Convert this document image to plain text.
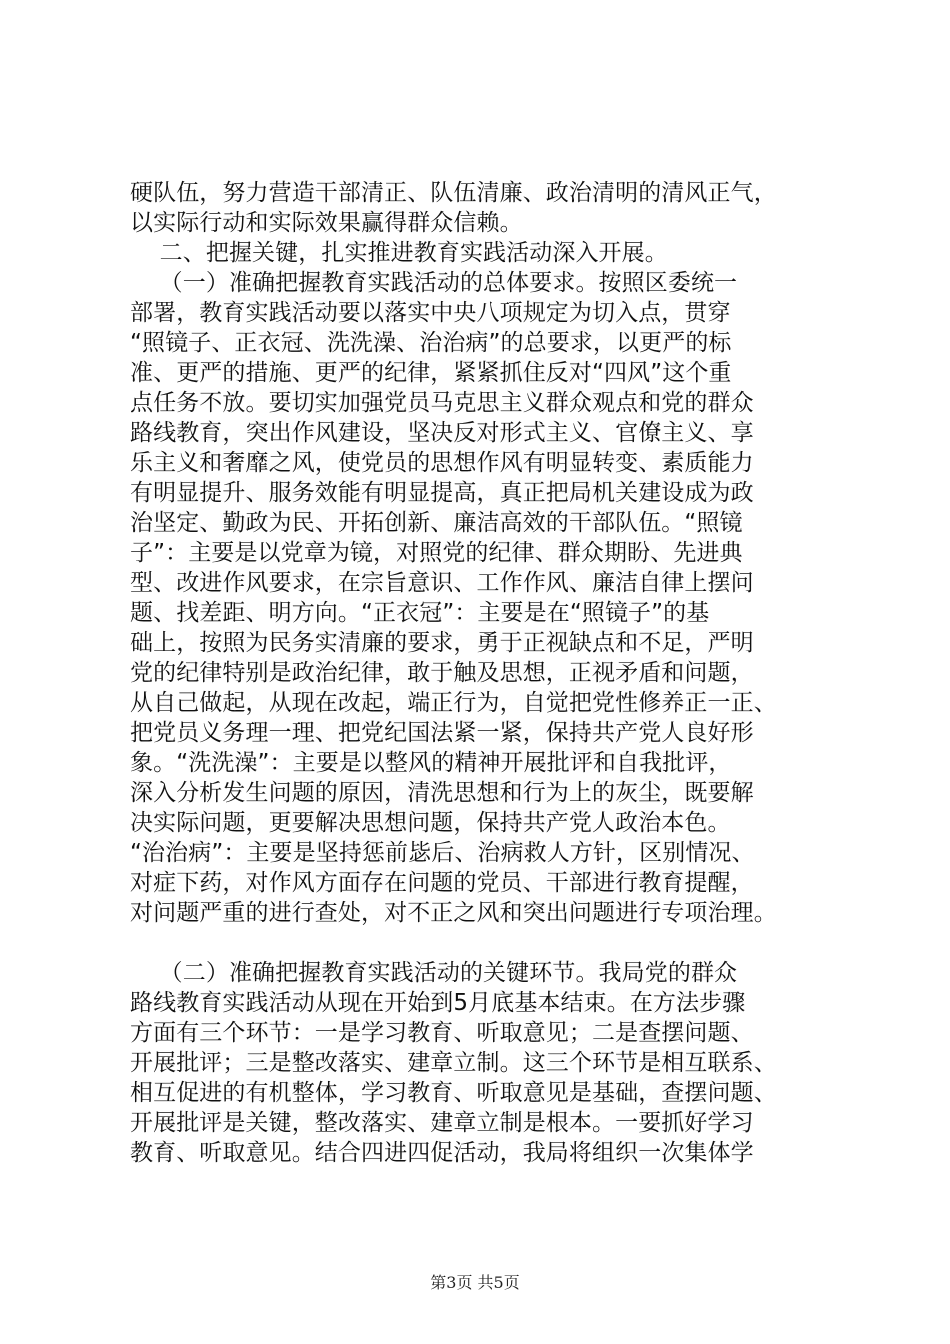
硬队伍，努力营造干部清正、队伍清廉、政治清明的清风正气，
以实际行动和实际效果赢得群众信赖。
二、把握关键，扎实推进教育实践活动深入开展。
（一）准确把握教育实践活动的总体要求。按照区委统一
部署，教育实践活动要以落实中央八项规定为切入点，贯穿
“照镜子、正衣冠、洗洗澡、治治病”的总要求，以更严的标
准、更严的措施、更严的纪律，紧紧抓住反对“四风”这个重
点任务不放。要切实加强党员马克思主义群众观点和党的群众
路线教育，突出作风建设，坚决反对形式主义、官僚主义、享
乐主义和奢靡之风，使党员的思想作风有明显转变、素质能力
有明显提升、服务效能有明显提高，真正把局机关建设成为政
治坚定、勤政为民、开拓创新、廉洁高效的干部队伍。“照镜
子”：主要是以党章为镜，对照党的纪律、群众期盼、先进典
型、改进作风要求，在宗旨意识、工作作风、廉洁自律上摆问
题、找差距、明方向。“正衣冠”：主要是在“照镜子”的基
础上，按照为民务实清廉的要求，勇于正视缺点和不足，严明
党的纪律特别是政治纪律，敢于触及思想，正视矛盾和问题，
从自己做起，从现在改起，端正行为，自觉把党性修养正一正、
把党员义务理一理、把党纪国法紧一紧，保持共产党人良好形
象。“洗洗澡”：主要是以整风的精神开展批评和自我批评，
深入分析发生问题的原因，清洗思想和行为上的灰尘，既要解
决实际问题，更要解决思想问题，保持共产党人政治本色。
“治治病”：主要是坚持惩前毖后、治病救人方针，区别情况、
对症下药，对作风方面存在问题的党员、干部进行教育提醒，
对问题严重的进行查处，对不正之风和突出问题进行专项治理。
（二）准确把握教育实践活动的关键环节。我局党的群众
路线教育实践活动从现在开始到5月底基本结束。在方法步骤
方面有三个环节：一是学习教育、听取意见；二是查摆问题、
开展批评；三是整改落实、建章立制。这三个环节是相互联系、
相互促进的有机整体，学习教育、听取意见是基础，查摆问题、
开展批评是关键，整改落实、建章立制是根本。一要抓好学习
教育、听取意见。结合四进四促活动，我局将组织一次集体学
第3页 共5页
